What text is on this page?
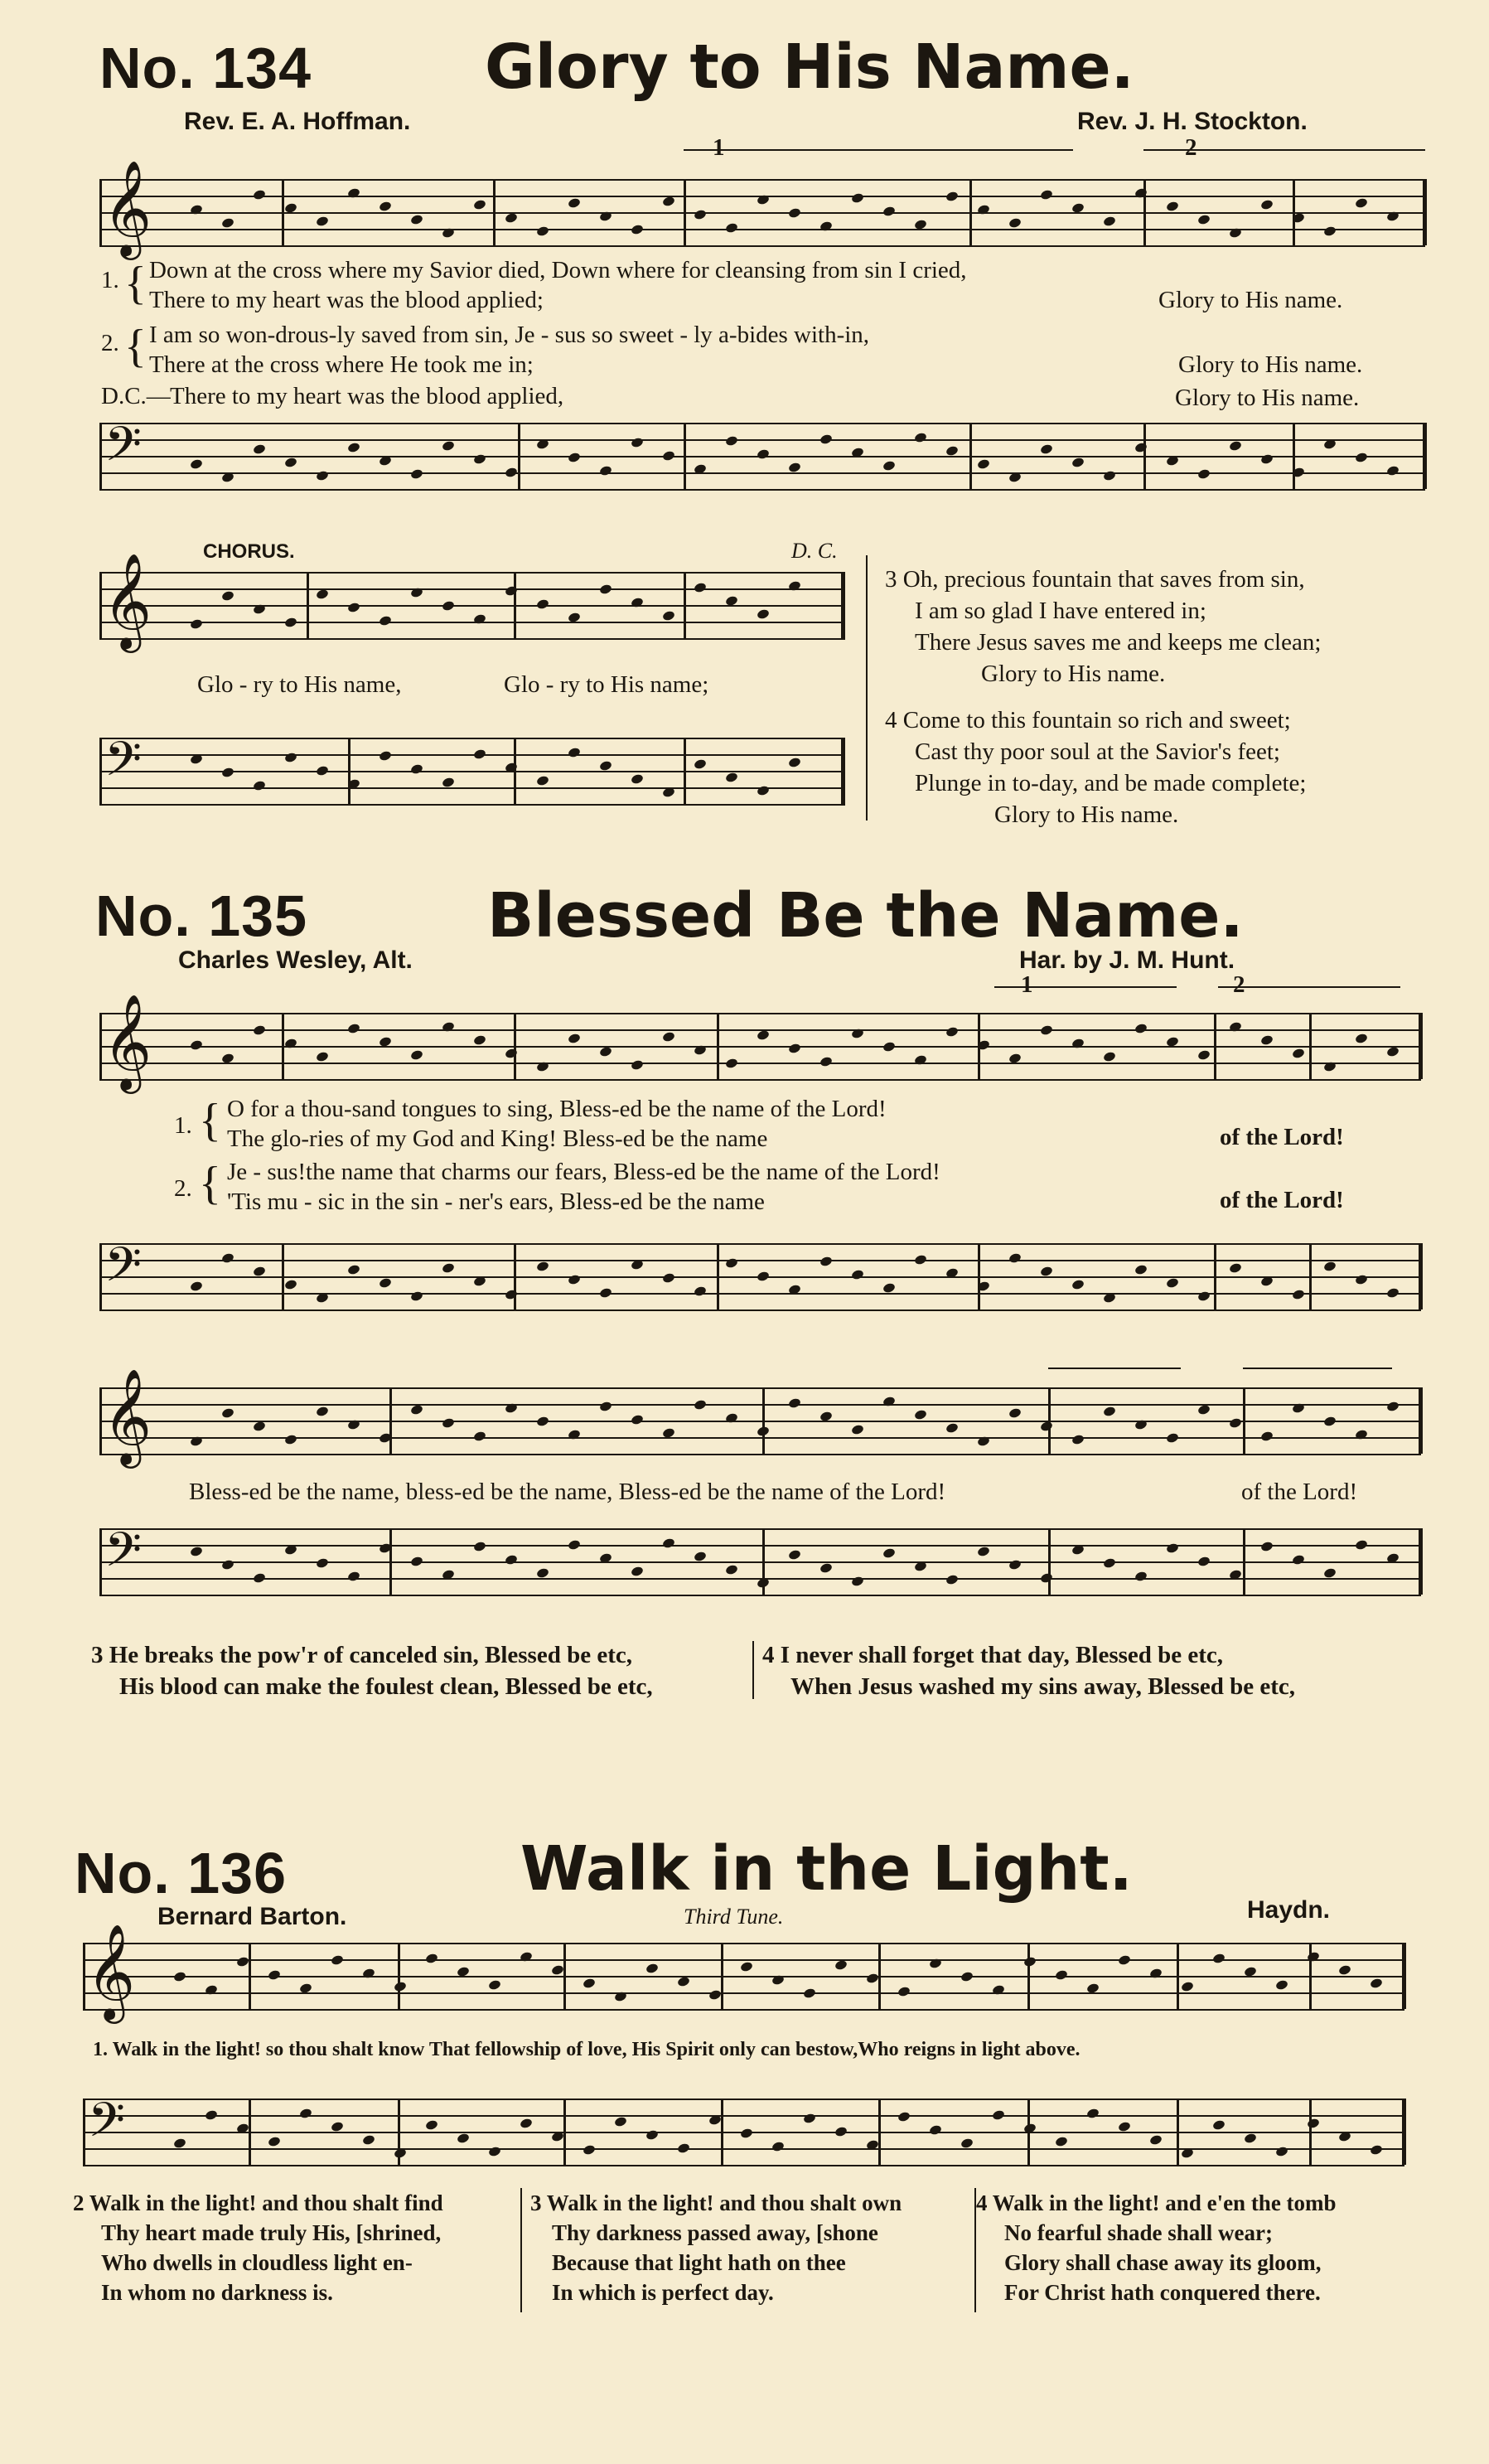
No. 134	Glory to His Name.
Rev. E. A. Hoffman.	Rev. J. H. Stockton.
𝄞
1	2
1. { Down at the cross where my Savior died, Down where for cleansing from sin I cried,
There to my heart was the blood applied;	Glory to His name.
2. { I am so won-drous-ly saved from sin, Je - sus so sweet - ly a-bides with-in,
There at the cross where He took me in;	Glory to His name.
D.C.— There to my heart was the blood applied,	Glory to His name.
𝄢
CHORUS.	D. C.
𝄞
Glo - ry to His name,	Glo - ry to His name;
𝄢
3 Oh, precious fountain that saves from sin,
I am so glad I have entered in;
There Jesus saves me and keeps me clean;
Glory to His name.
4 Come to this fountain so rich and sweet;
Cast thy poor soul at the Savior's feet;
Plunge in to-day, and be made complete;
Glory to His name.
No. 135	Blessed Be the Name.
Charles Wesley, Alt.	Har. by J. M. Hunt.
1	2
𝄞
1. { O for a thou-sand tongues to sing, Bless-ed be the name of the Lord!
The glo-ries of my God and King! Bless-ed be the name	of the Lord!
2. { Je - sus!the name that charms our fears, Bless-ed be the name of the Lord!
'Tis mu - sic in the sin - ner's ears, Bless-ed be the name	of the Lord!
𝄢
𝄞
Bless-ed be the name, bless-ed be the name, Bless-ed be the name of the Lord!	of the Lord!
𝄢
3 He breaks the pow'r of canceled sin, Blessed be etc,
His blood can make the foulest clean, Blessed be etc,
4 I never shall forget that day, Blessed be etc,
When Jesus washed my sins away, Blessed be etc,
No. 136	Walk in the Light.
Bernard Barton.	Third Tune.	Haydn.
𝄞
1. Walk in the light! so thou shalt know That fellowship of love, His Spirit only can bestow,Who reigns in light above.
𝄢
2 Walk in the light! and thou shalt find
Thy heart made truly His, [shrined,
Who dwells in cloudless light en-
In whom no darkness is.
3 Walk in the light! and thou shalt own
Thy darkness passed away, [shone
Because that light hath on thee
In which is perfect day.
4 Walk in the light! and e'en the tomb
No fearful shade shall wear;
Glory shall chase away its gloom,
For Christ hath conquered there.
